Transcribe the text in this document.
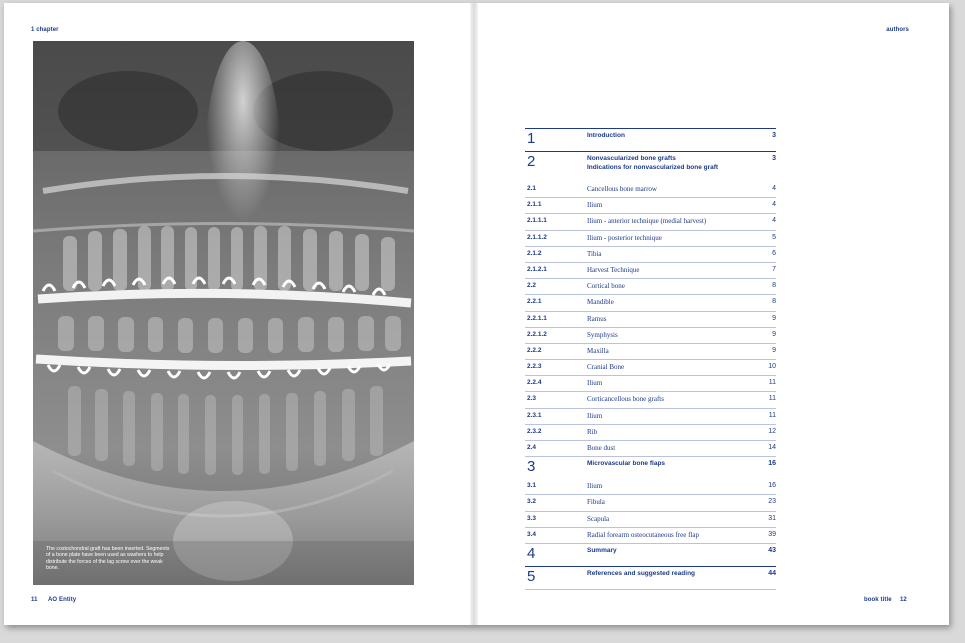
1 chapter	authors
The costochondral graft has been inserted. Segments of a bone plate have been used as washers to help distribute the forces of the lag screw over the weak bone.
11 AO Entity	book title 12
1	Introduction	3
2	Nonvascularized bone grafts
Indications for nonvascularized bone graft	3
2.1	Cancellous bone marrow	4
2.1.1	Ilium	4
2.1.1.1	Ilium - anterior technique (medial harvest)	4
2.1.1.2	Ilium - posterior technique	5
2.1.2	Tibia	6
2.1.2.1	Harvest Technique	7
2.2	Cortical bone	8
2.2.1	Mandible	8
2.2.1.1	Ramus	9
2.2.1.2	Symphysis	9
2.2.2	Maxilla	9
2.2.3	Cranial Bone	10
2.2.4	Ilium	11
2.3	Corticancellous bone grafts	11
2.3.1	Ilium	11
2.3.2	Rib	12
2.4	Bone dust	14
3	Microvascular bone flaps	16
3.1	Ilium	16
3.2	Fibula	23
3.3	Scapula	31
3.4	Radial forearm osteocutaneous free flap	39
4	Summary	43
5	References and suggested reading	44
